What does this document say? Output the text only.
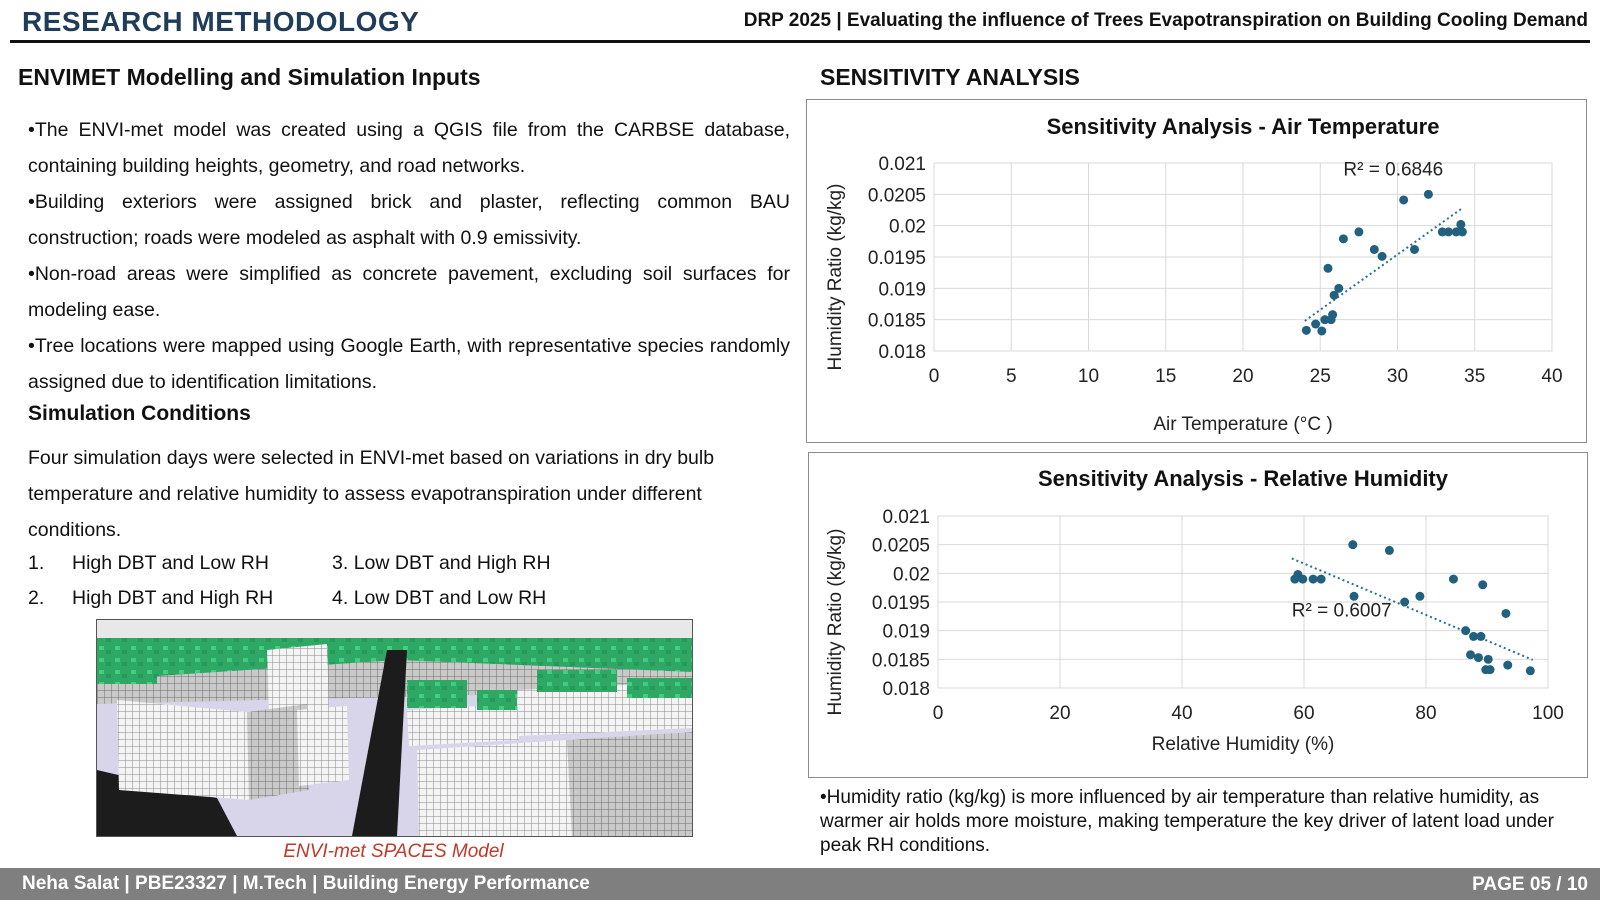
RESEARCH METHODOLOGY	DRP 2025 | Evaluating the influence of Trees Evapotranspiration on Building Cooling Demand
ENVIMET Modelling and Simulation Inputs

•The ENVI-met model was created using a QGIS file from the CARBSE database, containing building heights, geometry, and road networks.

•Building exteriors were assigned brick and plaster, reflecting common BAU construction; roads were modeled as asphalt with 0.9 emissivity.

•Non-road areas were simplified as concrete pavement, excluding soil surfaces for modeling ease.

•Tree locations were mapped using Google Earth, with representative species randomly assigned due to identification limitations.

Simulation Conditions
Four simulation days were selected in ENVI-met based on variations in dry bulb temperature and relative humidity to assess evapotranspiration under different conditions.
1. High DBT and Low RH
2. High DBT and High RH
3. Low DBT and High RH
4. Low DBT and Low RH
ENVI-met SPACES Model
SENSITIVITY ANALYSIS
Sensitivity Analysis - Air Temperature
0.018
0.0185
0.019
0.0195
0.02
0.0205
0.021
0	5	10	15	20	25	30	35	40
Air Temperature (°C )
Humidity Ratio (kg/kg)
R² = 0.6846
Sensitivity Analysis - Relative Humidity
0.018
0.0185
0.019
0.0195
0.02
0.0205
0.021
0	20	40	60	80	100
Relative Humidity (%)
Humidity Ratio (kg/kg)	R² = 0.6007
•Humidity ratio (kg/kg) is more influenced by air temperature than relative humidity, as warmer air holds more moisture, making temperature the key driver of latent load under peak RH conditions.
Neha Salat | PBE23327 | M.Tech | Building Energy Performance	PAGE 05 / 10
